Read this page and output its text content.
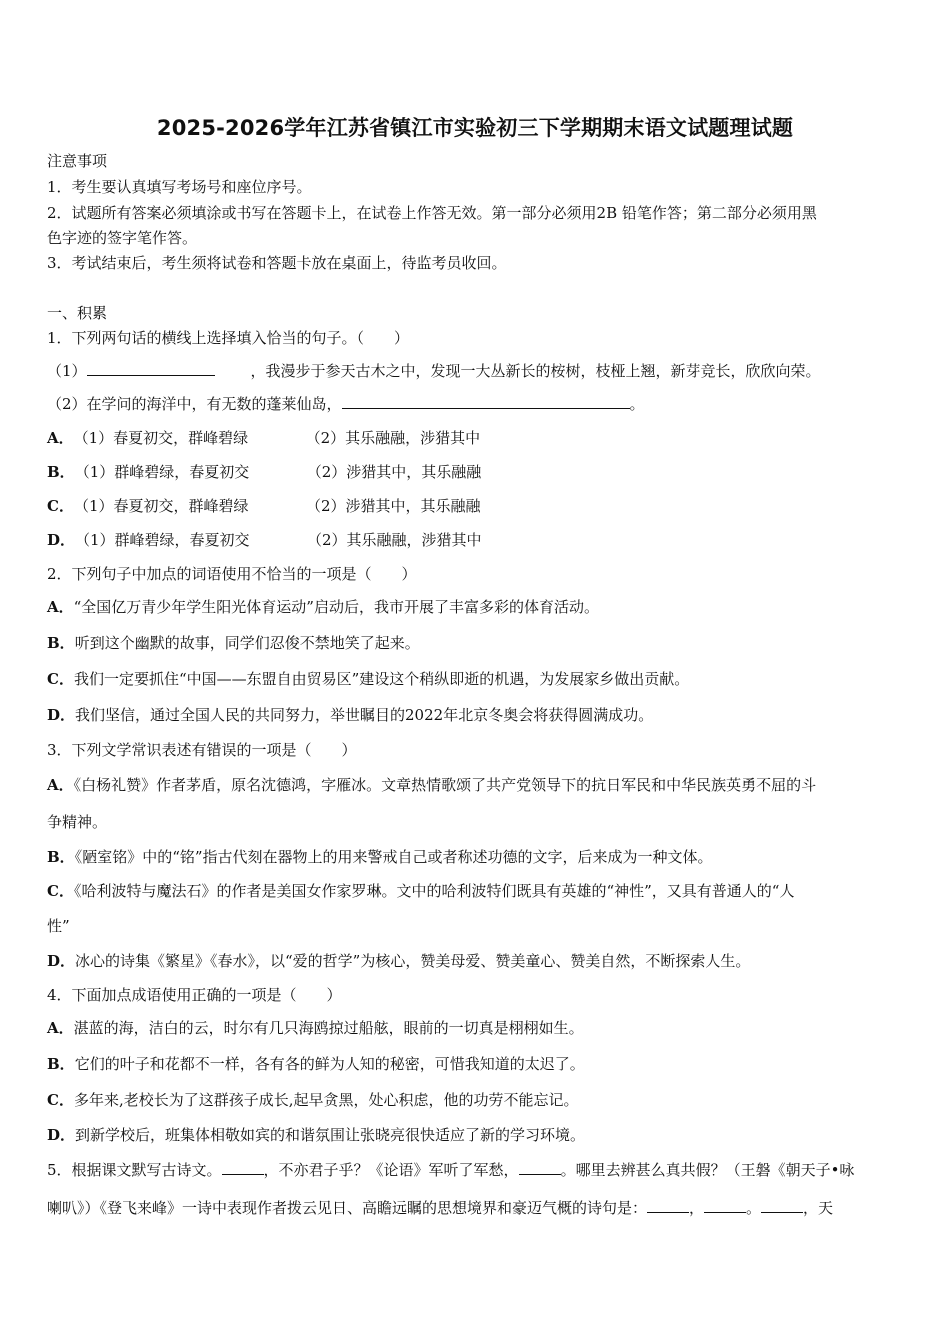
2025-2026学年江苏省镇江市实验初三下学期期末语文试题理试题
注意事项
1．考生要认真填写考场号和座位序号。
2．试题所有答案必须填涂或书写在答题卡上，在试卷上作答无效。第一部分必须用2B 铅笔作答；第二部分必须用黑
色字迹的签字笔作答。
3．考试结束后，考生须将试卷和答题卡放在桌面上，待监考员收回。
一、积累
1．下列两句话的横线上选择填入恰当的句子。（　　）
（1）	，我漫步于参天古木之中，发现一大丛新长的桉树，枝桠上翘，新芽竞长，欣欣向荣。
（2）在学问的海洋中，有无数的蓬莱仙岛，	。
A．（1）春夏初交，群峰碧绿	（2）其乐融融，涉猎其中
B．（1）群峰碧绿，春夏初交	（2）涉猎其中，其乐融融
C．（1）春夏初交，群峰碧绿	（2）涉猎其中，其乐融融
D．（1）群峰碧绿，春夏初交	（2）其乐融融，涉猎其中
2．下列句子中加点的词语使用不恰当的一项是（　　）
A．“全国亿万青少年学生阳光体育运动”启动后，我市开展了丰富多彩的体育活动。
B．听到这个幽默的故事，同学们忍俊不禁地笑了起来。
C．我们一定要抓住“中国——东盟自由贸易区”建设这个稍纵即逝的机遇，为发展家乡做出贡献。
D．我们坚信，通过全国人民的共同努力，举世瞩目的2022年北京冬奥会将获得圆满成功。
3．下列文学常识表述有错误的一项是（　　）
A．《白杨礼赞》作者茅盾，原名沈德鸿，字雁冰。文章热情歌颂了共产党领导下的抗日军民和中华民族英勇不屈的斗
争精神。
B．《陋室铭》中的“铭”指古代刻在器物上的用来警戒自己或者称述功德的文字，后来成为一种文体。
C．《哈利波特与魔法石》的作者是美国女作家罗琳。文中的哈利波特们既具有英雄的“神性”，又具有普通人的“人
性”
D．冰心的诗集《繁星》《春水》，以“爱的哲学”为核心，赞美母爱、赞美童心、赞美自然，不断探索人生。
4．下面加点成语使用正确的一项是（　　）
A．湛蓝的海，洁白的云，时尔有几只海鸥掠过船舷，眼前的一切真是栩栩如生。
B．它们的叶子和花都不一样，各有各的鲜为人知的秘密，可惜我知道的太迟了。
C．多年来,老校长为了这群孩子成长,起早贪黑，处心积虑，他的功劳不能忘记。
D．到新学校后，班集体相敬如宾的和谐氛围让张晓亮很快适应了新的学习环境。
5．根据课文默写古诗文。	，不亦君子乎？《论语》军听了军愁，	。哪里去辨甚么真共假？（王磐《朝天子•咏
喇叭》）《登飞来峰》一诗中表现作者拨云见日、高瞻远瞩的思想境界和豪迈气概的诗句是：	，	。	，天
